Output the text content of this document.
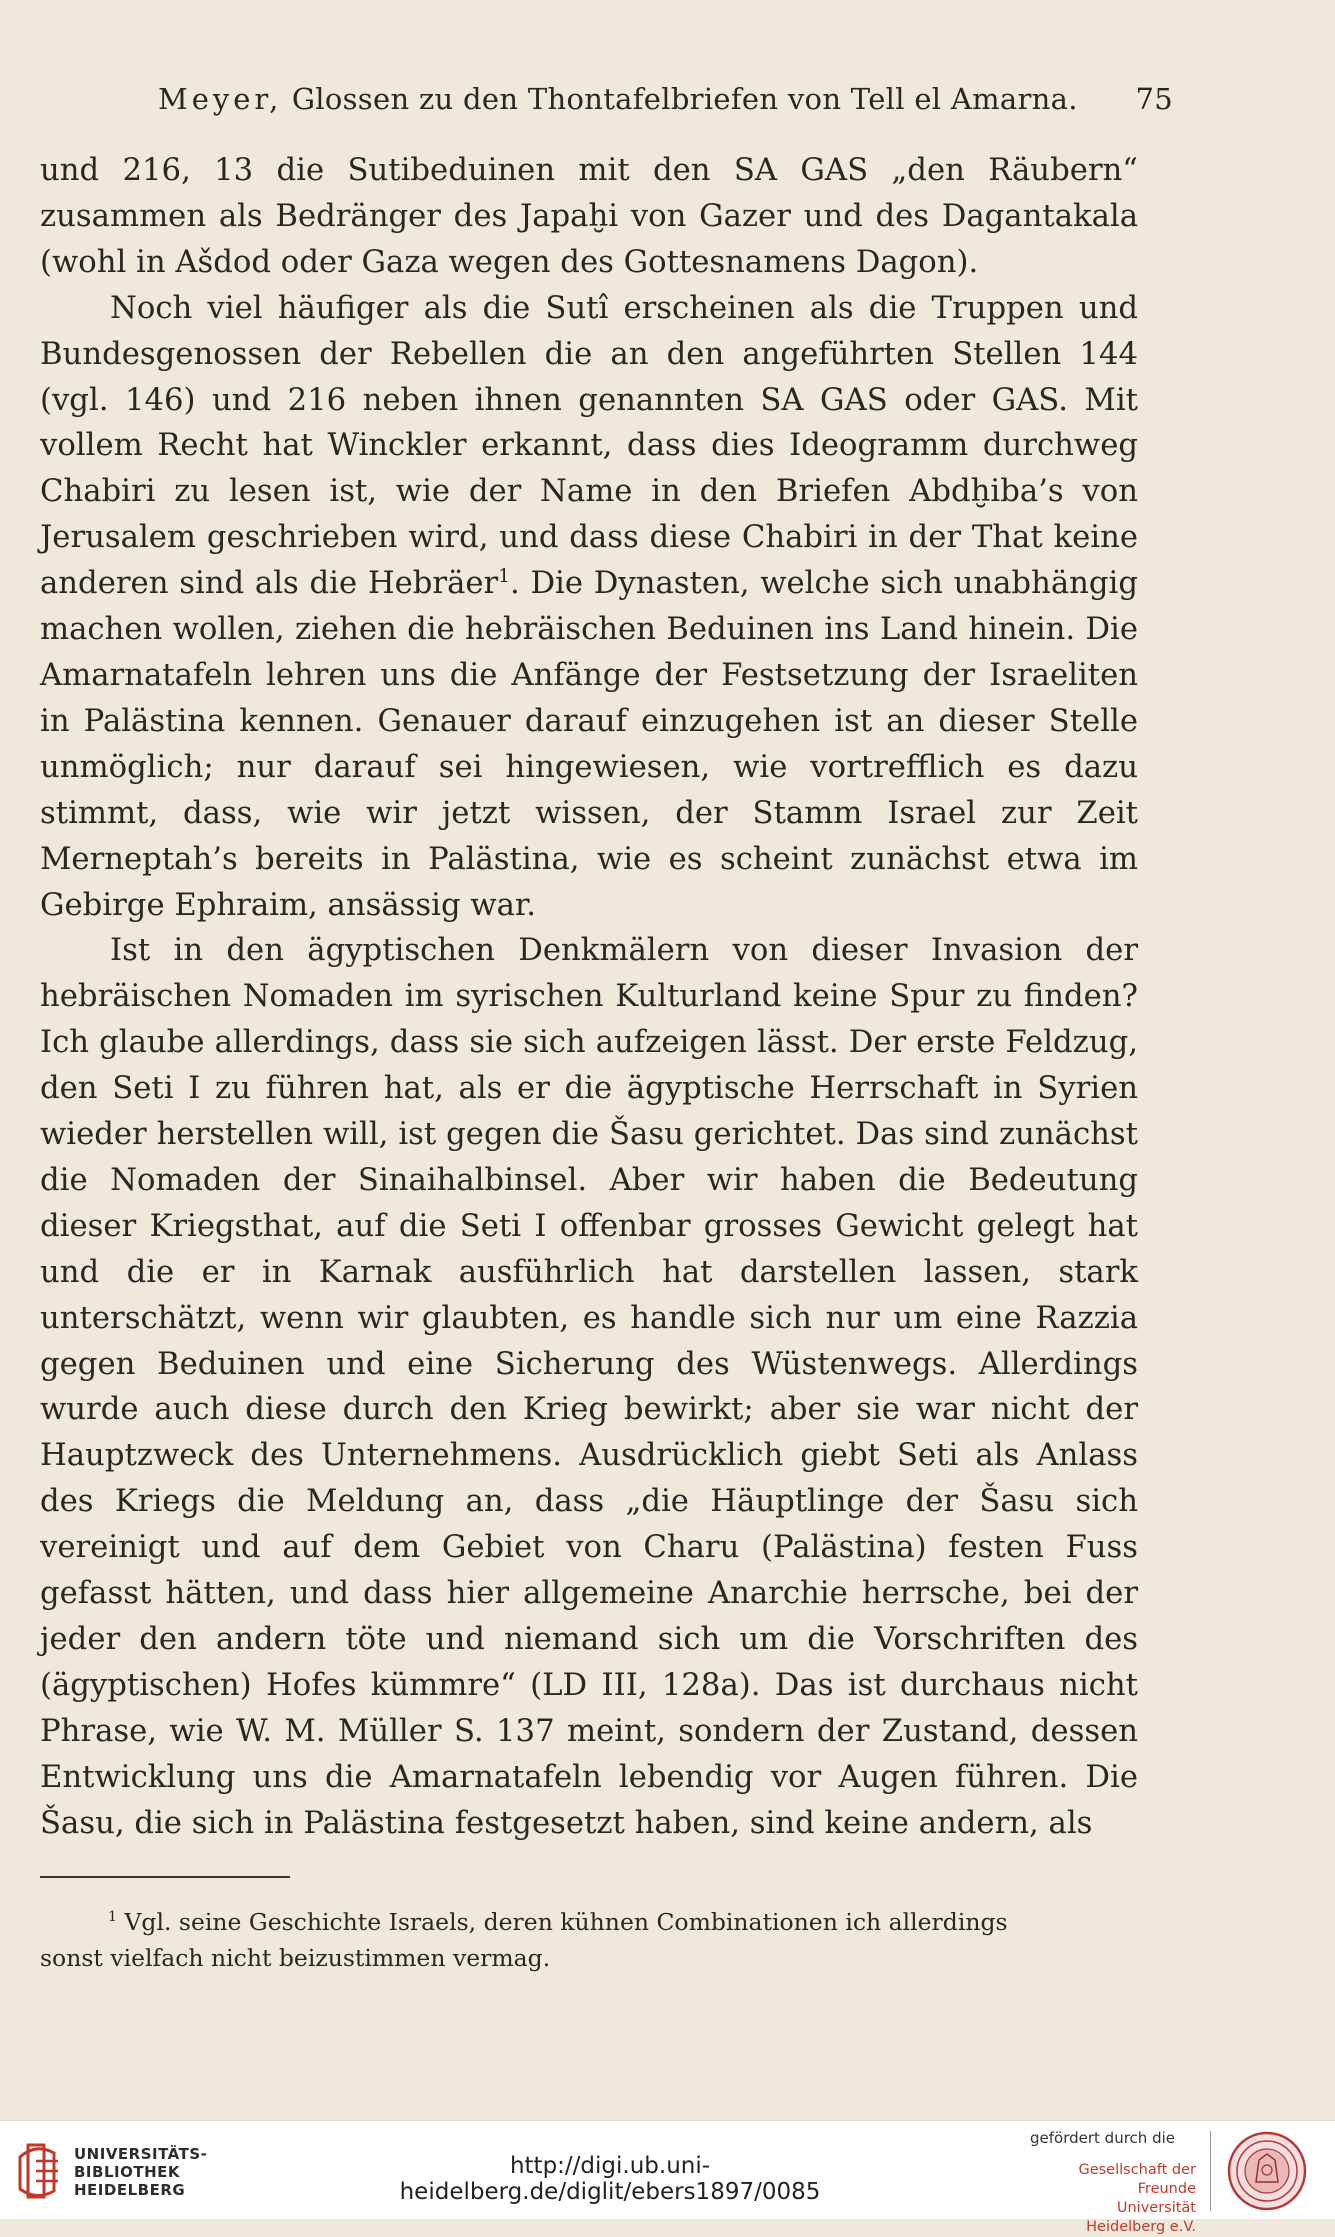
Meyer, Glossen zu den Thontafelbriefen von Tell el Amarna. 75

und 216, 13 die Sutibeduinen mit den SA GAS „den Räubern“ zusammen als Bedränger des Japaḫi von Gazer und des Dagantakala (wohl in Ašdod oder Gaza wegen des Gottesnamens Dagon).

Noch viel häufiger als die Sutî erscheinen als die Truppen und Bundesgenossen der Rebellen die an den angeführten Stellen 144 (vgl. 146) und 216 neben ihnen genannten SA GAS oder GAS. Mit vollem Recht hat Winckler erkannt, dass dies Ideogramm durchweg Chabiri zu lesen ist, wie der Name in den Briefen Abdḫiba’s von Jerusalem geschrieben wird, und dass diese Chabiri in der That keine anderen sind als die Hebräer$^1$. Die Dynasten, welche sich unabhängig machen wollen, ziehen die hebräischen Beduinen ins Land hinein. Die Amarnatafeln lehren uns die Anfänge der Festsetzung der Israeliten in Palästina kennen. Genauer darauf einzugehen ist an dieser Stelle unmöglich; nur darauf sei hingewiesen, wie vortrefflich es dazu stimmt, dass, wie wir jetzt wissen, der Stamm Israel zur Zeit Merneptah’s bereits in Palästina, wie es scheint zunächst etwa im Gebirge Ephraim, ansässig war.

Ist in den ägyptischen Denkmälern von dieser Invasion der hebräischen Nomaden im syrischen Kulturland keine Spur zu finden? Ich glaube allerdings, dass sie sich aufzeigen lässt. Der erste Feldzug, den Seti I zu führen hat, als er die ägyptische Herrschaft in Syrien wieder herstellen will, ist gegen die Šasu gerichtet. Das sind zunächst die Nomaden der Sinaihalbinsel. Aber wir haben die Bedeutung dieser Kriegsthat, auf die Seti I offenbar grosses Gewicht gelegt hat und die er in Karnak ausführlich hat darstellen lassen, stark unterschätzt, wenn wir glaubten, es handle sich nur um eine Razzia gegen Beduinen und eine Sicherung des Wüstenwegs. Allerdings wurde auch diese durch den Krieg bewirkt; aber sie war nicht der Hauptzweck des Unternehmens. Ausdrücklich giebt Seti als Anlass des Kriegs die Meldung an, dass „die Häuptlinge der Šasu sich vereinigt und auf dem Gebiet von Charu (Palästina) festen Fuss gefasst hätten, und dass hier allgemeine Anarchie herrsche, bei der jeder den andern töte und niemand sich um die Vorschriften des (ägyptischen) Hofes kümmre“ (LD III, 128a). Das ist durchaus nicht Phrase, wie W. M. Müller S. 137 meint, sondern der Zustand, dessen Entwicklung uns die Amarnatafeln lebendig vor Augen führen. Die Šasu, die sich in Palästina festgesetzt haben, sind keine andern, als

$^1$ Vgl. seine Geschichte Israels, deren kühnen Combinationen ich allerdings
sonst vielfach nicht beizustimmen vermag.
UNIVERSITÄTS-
BIBLIOTHEK
HEIDELBERG
http://digi.ub.uni-heidelberg.de/diglit/ebers1897/0085
gefördert durch die
Gesellschaft der Freunde
Universität Heidelberg e.V.
